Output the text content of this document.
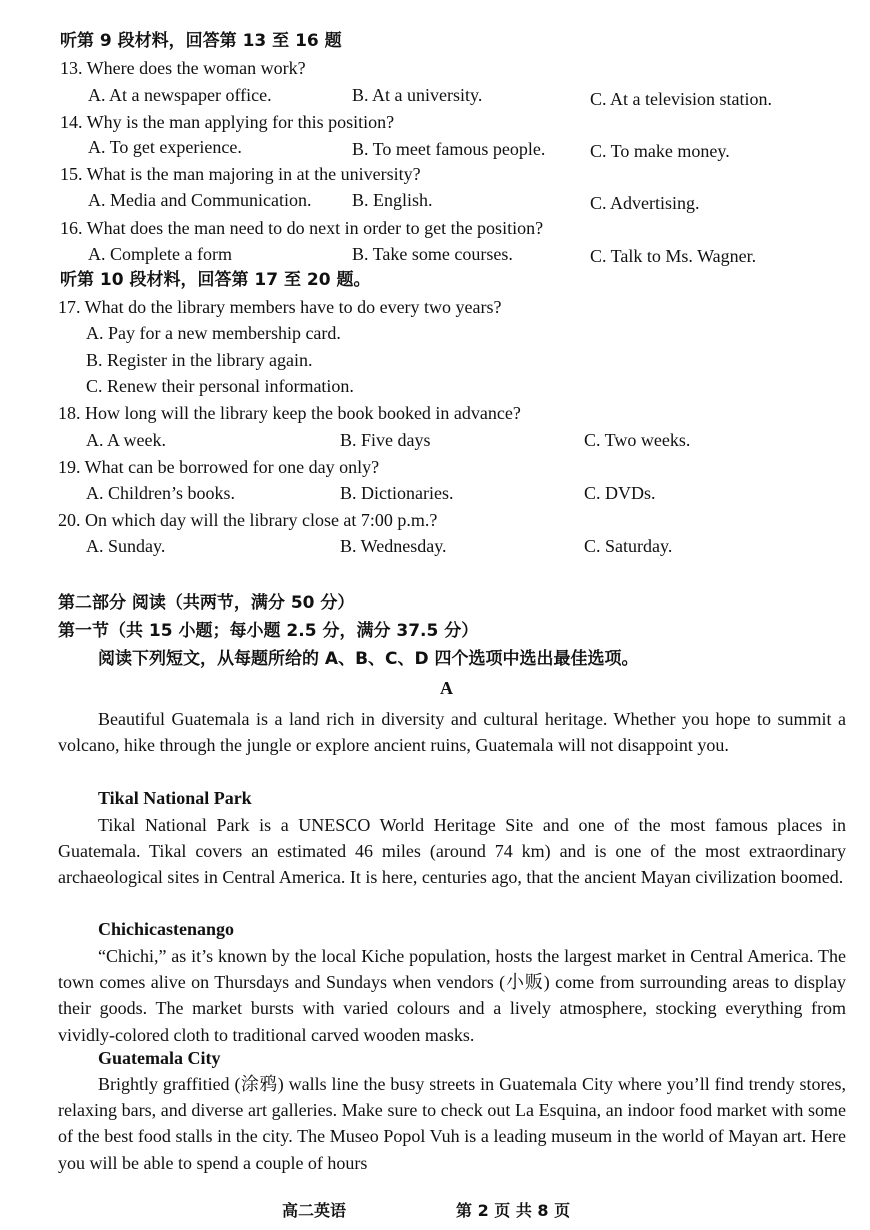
听第 9 段材料，回答第 13 至 16 题
13. Where does the woman work?
A. At a newspaper office.	B. At a university.	C. At a television station.
14. Why is the man applying for this position?
A. To get experience.	B. To meet famous people. C. To make money.
15. What is the man majoring in at the university?
A. Media and Communication. B. English.	C. Advertising.
16. What does the man need to do next in order to get the position?
A. Complete a form	B. Take some courses.	C. Talk to Ms. Wagner.
听第 10 段材料，回答第 17 至 20 题。
17. What do the library members have to do every two years?
A. Pay for a new membership card.
B. Register in the library again.
C. Renew their personal information.
18. How long will the library keep the book booked in advance?
A. A week.	B. Five days	C. Two weeks.
19. What can be borrowed for one day only?
A. Children’s books.	B. Dictionaries.	C. DVDs.
20. On which day will the library close at 7:00 p.m.?
A. Sunday.	B. Wednesday.	C. Saturday.
第二部分 阅读（共两节，满分 50 分）
第一节（共 15 小题；每小题 2.5 分，满分 37.5 分）
阅读下列短文，从每题所给的 A、B、C、D 四个选项中选出最佳选项。
A
Beautiful Guatemala is a land rich in diversity and cultural heritage. Whether you hope to summit a volcano, hike through the jungle or explore ancient ruins, Guatemala will not disappoint you.
Tikal National Park
Tikal National Park is a UNESCO World Heritage Site and one of the most famous places in Guatemala. Tikal covers an estimated 46 miles (around 74 km) and is one of the most extraordinary archaeological sites in Central America. It is here, centuries ago, that the ancient Mayan civilization boomed.
Chichicastenango
“Chichi,” as it’s known by the local Kiche population, hosts the largest market in Central America. The town comes alive on Thursdays and Sundays when vendors (小贩) come from surrounding areas to display their goods. The market bursts with varied colours and a lively atmosphere, stocking everything from vividly-colored cloth to traditional carved wooden masks.
Guatemala City
Brightly graffitied (涂鸦) walls line the busy streets in Guatemala City where you’ll find trendy stores, relaxing bars, and diverse art galleries. Make sure to check out La Esquina, an indoor food market with some of the best food stalls in the city. The Museo Popol Vuh is a leading museum in the world of Mayan art. Here you will be able to spend a couple of hours
高二英语	第 2 页 共 8 页
